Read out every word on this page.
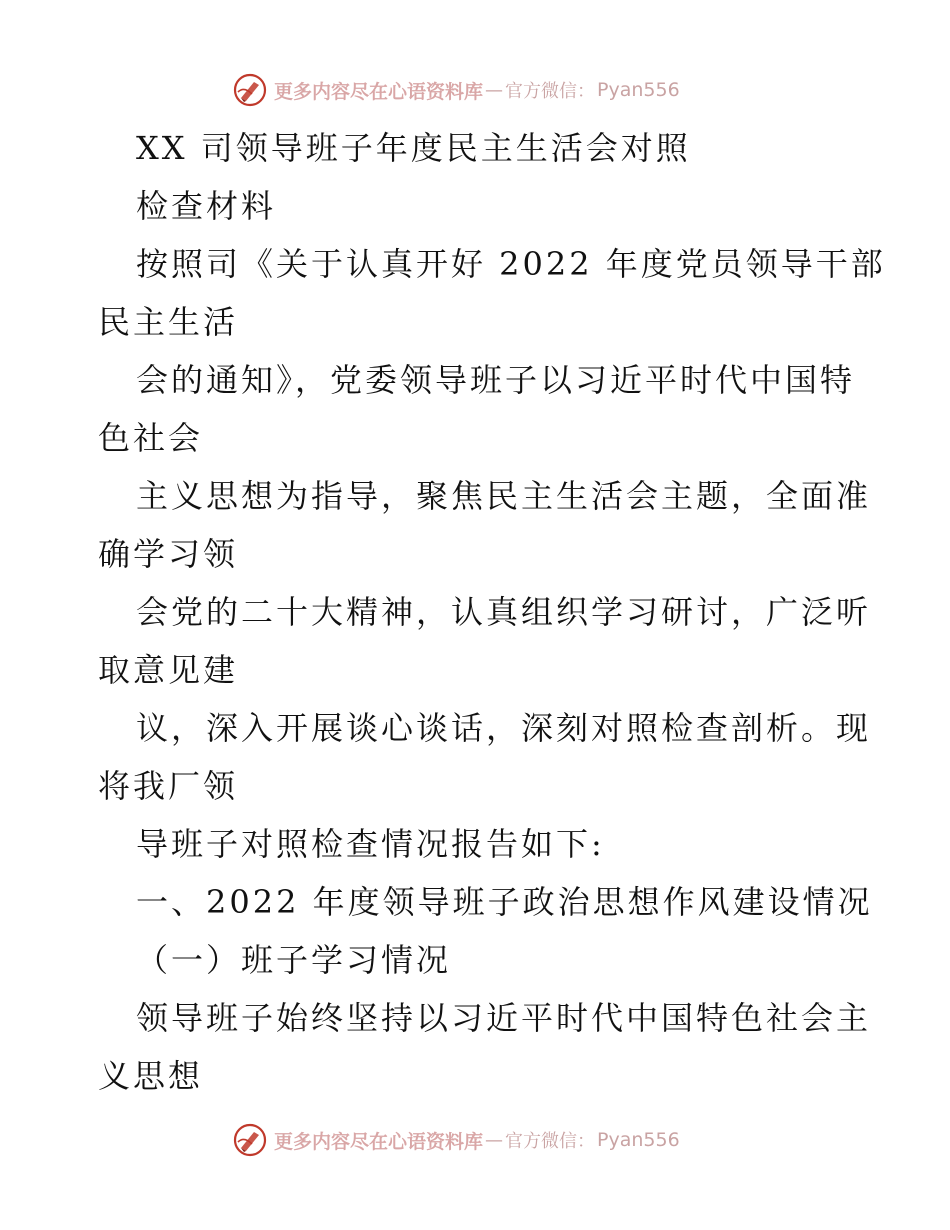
更多内容尽在心语资料库 — 官方微信： Pyan556
XX 司领导班子年度民主生活会对照
检查材料
按照司《关于认真开好 2022 年度党员领导干部
民主生活
会的通知》，党委领导班子以习近平时代中国特
色社会
主义思想为指导，聚焦民主生活会主题，全面准
确学习领
会党的二十大精神，认真组织学习研讨，广泛听
取意见建
议，深入开展谈心谈话，深刻对照检查剖析。现
将我厂领
导班子对照检查情况报告如下:
一、2022 年度领导班子政治思想作风建设情况
（一）班子学习情况
领导班子始终坚持以习近平时代中国特色社会主
义思想
更多内容尽在心语资料库 — 官方微信： Pyan556
